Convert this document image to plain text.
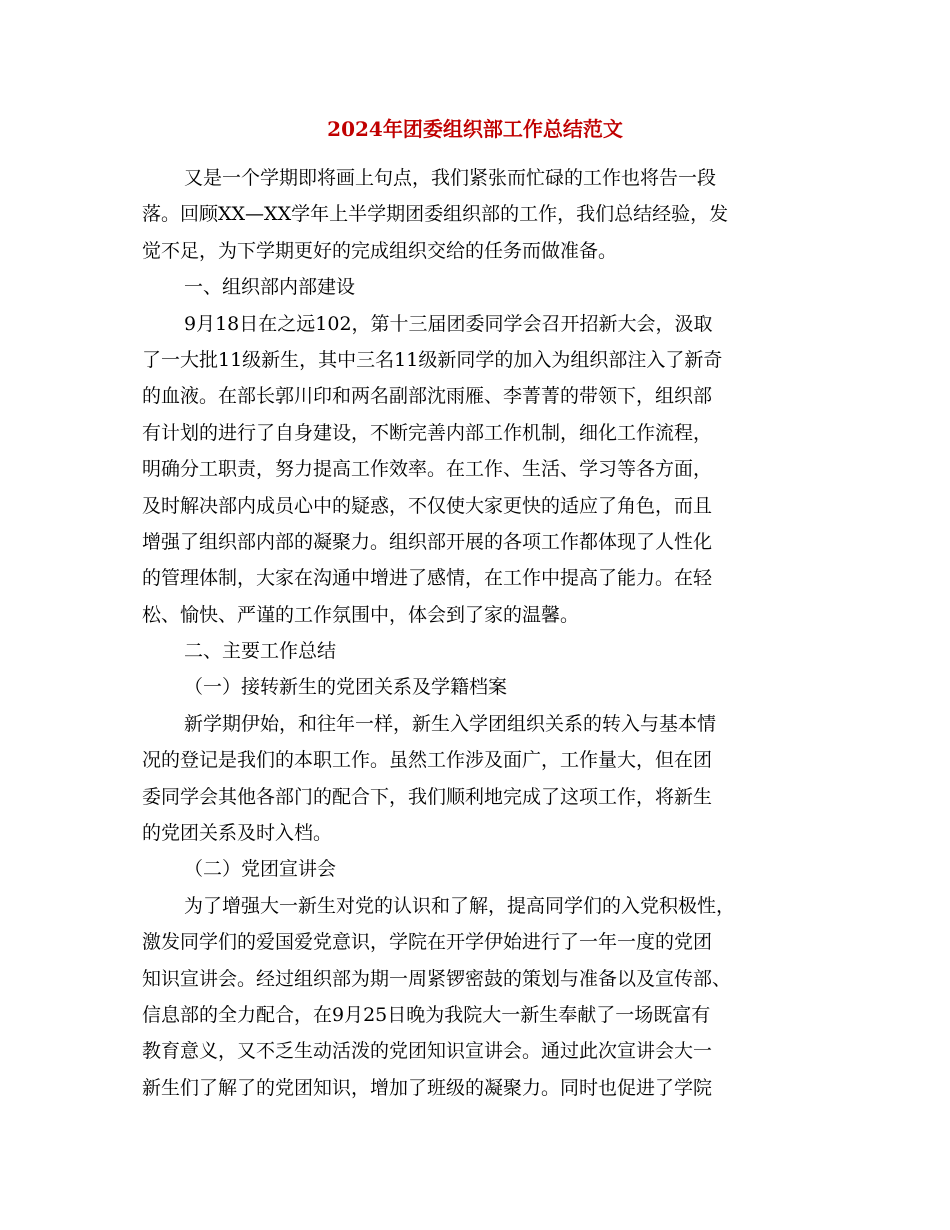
2024年团委组织部工作总结范文
又是一个学期即将画上句点，我们紧张而忙碌的工作也将告一段
落。回顾XX—XX学年上半学期团委组织部的工作，我们总结经验，发
觉不足，为下学期更好的完成组织交给的任务而做准备。
一、组织部内部建设
9月18日在之远102，第十三届团委同学会召开招新大会，汲取
了一大批11级新生，其中三名11级新同学的加入为组织部注入了新奇
的血液。在部长郭川印和两名副部沈雨雁、李菁菁的带领下，组织部
有计划的进行了自身建设，不断完善内部工作机制，细化工作流程，
明确分工职责，努力提高工作效率。在工作、生活、学习等各方面，
及时解决部内成员心中的疑惑，不仅使大家更快的适应了角色，而且
增强了组织部内部的凝聚力。组织部开展的各项工作都体现了人性化
的管理体制，大家在沟通中增进了感情，在工作中提高了能力。在轻
松、愉快、严谨的工作氛围中，体会到了家的温馨。
二、主要工作总结
（一）接转新生的党团关系及学籍档案
新学期伊始，和往年一样，新生入学团组织关系的转入与基本情
况的登记是我们的本职工作。虽然工作涉及面广，工作量大，但在团
委同学会其他各部门的配合下，我们顺利地完成了这项工作，将新生
的党团关系及时入档。
（二）党团宣讲会
为了增强大一新生对党的认识和了解，提高同学们的入党积极性，
激发同学们的爱国爱党意识，学院在开学伊始进行了一年一度的党团
知识宣讲会。经过组织部为期一周紧锣密鼓的策划与准备以及宣传部、
信息部的全力配合，在9月25日晚为我院大一新生奉献了一场既富有
教育意义，又不乏生动活泼的党团知识宣讲会。通过此次宣讲会大一
新生们了解了的党团知识，增加了班级的凝聚力。同时也促进了学院
